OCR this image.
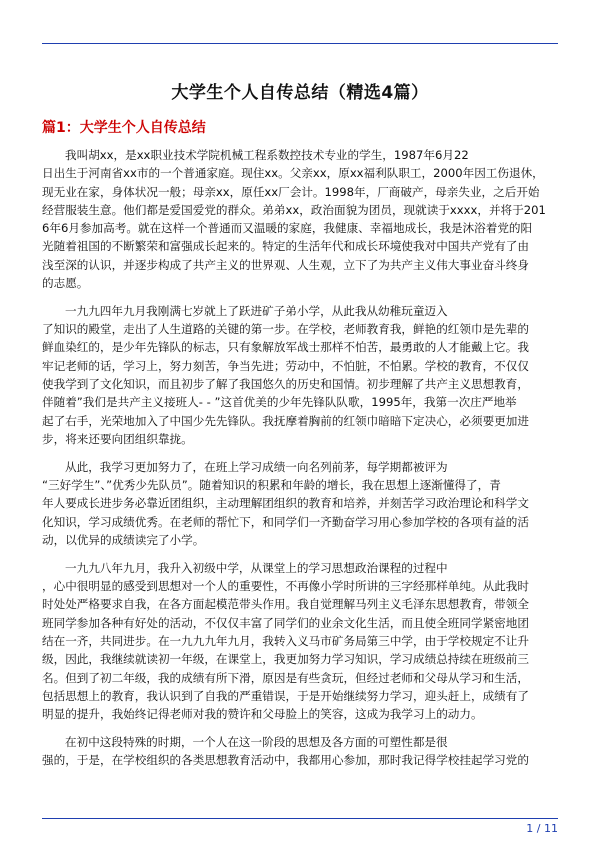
大学生个人自传总结（精选4篇）
篇1：大学生个人自传总结
我叫胡xx，是xx职业技术学院机械工程系数控技术专业的学生，1987年6月22
日出生于河南省xx市的一个普通家庭。现住xx。父亲xx，原xx福利队职工，2000年因工伤退休，
现无业在家，身体状况一般；母亲xx，原任xx厂会计。1998年，厂商破产，母亲失业，之后开始
经营服装生意。他们都是爱国爱党的群众。弟弟xx，政治面貌为团员，现就读于xxxx，并将于201
6年6月参加高考。就在这样一个普通而又温暖的家庭，我健康、幸福地成长，我是沐浴着党的阳
光随着祖国的不断繁荣和富强成长起来的。特定的生活年代和成长环境使我对中国共产党有了由
浅至深的认识，并逐步构成了共产主义的世界观、人生观，立下了为共产主义伟大事业奋斗终身
的志愿。
一九九四年九月我刚满七岁就上了跃进矿子弟小学，从此我从幼稚玩童迈入
了知识的殿堂，走出了人生道路的关键的第一步。在学校，老师教育我，鲜艳的红领巾是先辈的
鲜血染红的，是少年先锋队的标志，只有象解放军战士那样不怕苦，最勇敢的人才能戴上它。我
牢记老师的话，学习上，努力刻苦，争当先进；劳动中，不怕脏，不怕累。学校的教育，不仅仅
使我学到了文化知识，而且初步了解了我国悠久的历史和国情。初步理解了共产主义思想教育，
伴随着”我们是共产主义接班人- - ”这首优美的少年先锋队队歌，1995年，我第一次庄严地举
起了右手，光荣地加入了中国少先先锋队。我抚摩着胸前的红领巾暗暗下定决心，必须要更加进
步，将来还要向团组织靠拢。
从此，我学习更加努力了，在班上学习成绩一向名列前茅，每学期都被评为
“三好学生”、”优秀少先队员”。随着知识的积累和年龄的增长，我在思想上逐渐懂得了，青
年人要成长进步务必靠近团组织，主动理解团组织的教育和培养，并刻苦学习政治理论和科学文
化知识，学习成绩优秀。在老师的帮忙下，和同学们一齐勤奋学习用心参加学校的各项有益的活
动，以优异的成绩读完了小学。
一九九八年九月，我升入初级中学，从课堂上的学习思想政治课程的过程中
，心中很明显的感受到思想对一个人的重要性，不再像小学时所讲的三字经那样单纯。从此我时
时处处严格要求自我，在各方面起模范带头作用。我自觉理解马列主义毛泽东思想教育，带领全
班同学参加各种有好处的活动，不仅仅丰富了同学们的业余文化生活，而且使全班同学紧密地团
结在一齐，共同进步。在一九九九年九月，我转入义马市矿务局第三中学，由于学校规定不让升
级，因此，我继续就读初一年级，在课堂上，我更加努力学习知识，学习成绩总持续在班级前三
名。但到了初二年级，我的成绩有所下滑，原因是有些贪玩，但经过老师和父母从学习和生活，
包括思想上的教育，我认识到了自我的严重错误，于是开始继续努力学习，迎头赶上，成绩有了
明显的提升，我始终记得老师对我的赞许和父母脸上的笑容，这成为我学习上的动力。
在初中这段特殊的时期，一个人在这一阶段的思想及各方面的可塑性都是很
强的，于是，在学校组织的各类思想教育活动中，我都用心参加，那时我记得学校挂起学习党的
1 / 11
